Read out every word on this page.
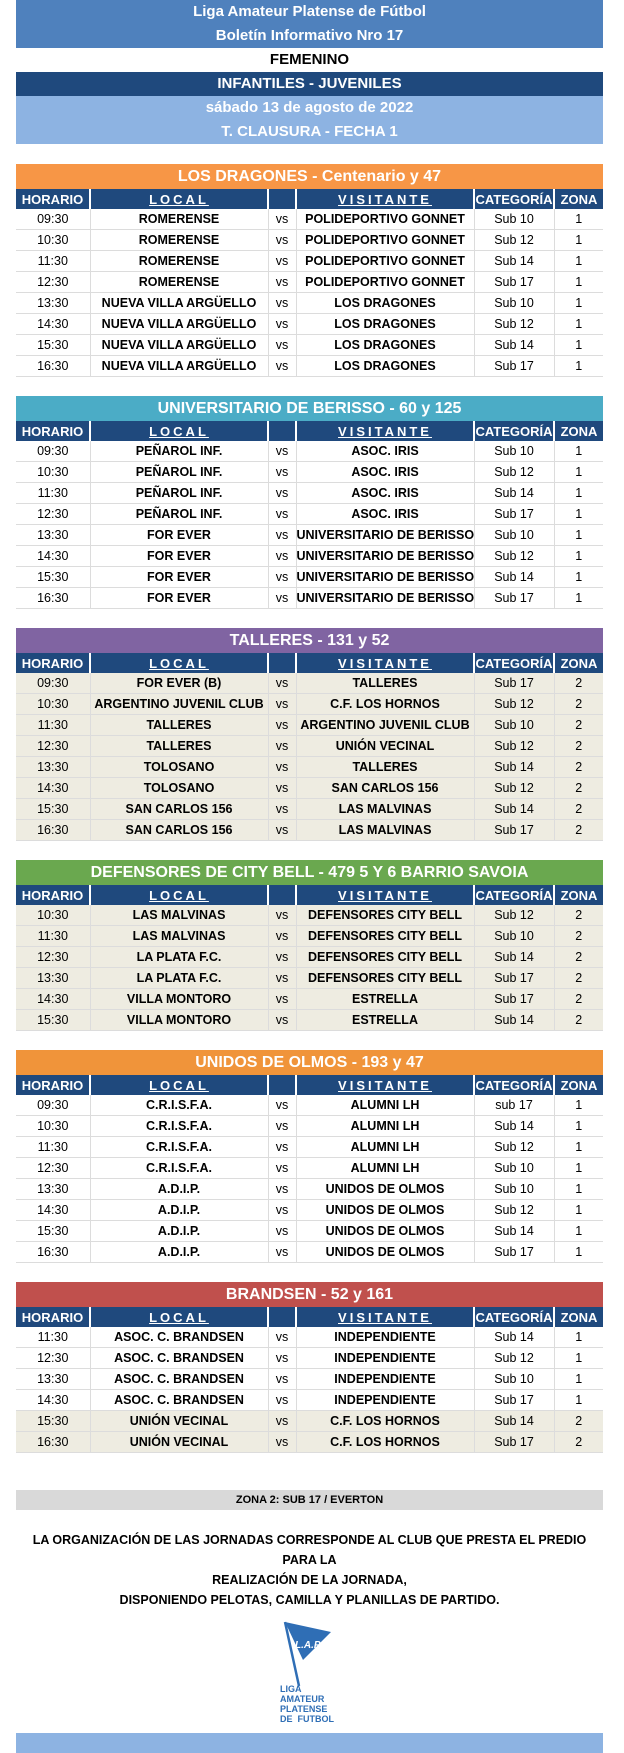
Liga Amateur Platense de Fútbol
Boletín Informativo Nro 17
FEMENINO
INFANTILES - JUVENILES
sábado 13 de agosto de 2022
T. CLAUSURA - FECHA 1
LOS DRAGONES - Centenario y 47
HORARIO	LOCAL		VISITANTE	CATEGORÍA	ZONA
09:30	ROMERENSE	vs	POLIDEPORTIVO GONNET	Sub 10	1
10:30	ROMERENSE	vs	POLIDEPORTIVO GONNET	Sub 12	1
11:30	ROMERENSE	vs	POLIDEPORTIVO GONNET	Sub 14	1
12:30	ROMERENSE	vs	POLIDEPORTIVO GONNET	Sub 17	1
13:30	NUEVA VILLA ARGÜELLO	vs	LOS DRAGONES	Sub 10	1
14:30	NUEVA VILLA ARGÜELLO	vs	LOS DRAGONES	Sub 12	1
15:30	NUEVA VILLA ARGÜELLO	vs	LOS DRAGONES	Sub 14	1
16:30	NUEVA VILLA ARGÜELLO	vs	LOS DRAGONES	Sub 17	1
UNIVERSITARIO DE BERISSO - 60 y 125
HORARIO	LOCAL		VISITANTE	CATEGORÍA	ZONA
09:30	PEÑAROL INF.	vs	ASOC. IRIS	Sub 10	1
10:30	PEÑAROL INF.	vs	ASOC. IRIS	Sub 12	1
11:30	PEÑAROL INF.	vs	ASOC. IRIS	Sub 14	1
12:30	PEÑAROL INF.	vs	ASOC. IRIS	Sub 17	1
13:30	FOR EVER	vs	UNIVERSITARIO DE BERISSO	Sub 10	1
14:30	FOR EVER	vs	UNIVERSITARIO DE BERISSO	Sub 12	1
15:30	FOR EVER	vs	UNIVERSITARIO DE BERISSO	Sub 14	1
16:30	FOR EVER	vs	UNIVERSITARIO DE BERISSO	Sub 17	1
TALLERES - 131 y 52
HORARIO	LOCAL		VISITANTE	CATEGORÍA	ZONA
09:30	FOR EVER (B)	vs	TALLERES	Sub 17	2
10:30	ARGENTINO JUVENIL CLUB	vs	C.F. LOS HORNOS	Sub 12	2
11:30	TALLERES	vs	ARGENTINO JUVENIL CLUB	Sub 10	2
12:30	TALLERES	vs	UNIÓN VECINAL	Sub 12	2
13:30	TOLOSANO	vs	TALLERES	Sub 14	2
14:30	TOLOSANO	vs	SAN CARLOS 156	Sub 12	2
15:30	SAN CARLOS 156	vs	LAS MALVINAS	Sub 14	2
16:30	SAN CARLOS 156	vs	LAS MALVINAS	Sub 17	2
DEFENSORES DE CITY BELL - 479 5 Y 6 BARRIO SAVOIA
HORARIO	LOCAL		VISITANTE	CATEGORÍA	ZONA
10:30	LAS MALVINAS	vs	DEFENSORES CITY BELL	Sub 12	2
11:30	LAS MALVINAS	vs	DEFENSORES CITY BELL	Sub 10	2
12:30	LA PLATA F.C.	vs	DEFENSORES CITY BELL	Sub 14	2
13:30	LA PLATA F.C.	vs	DEFENSORES CITY BELL	Sub 17	2
14:30	VILLA MONTORO	vs	ESTRELLA	Sub 17	2
15:30	VILLA MONTORO	vs	ESTRELLA	Sub 14	2
UNIDOS DE OLMOS - 193 y 47
HORARIO	LOCAL		VISITANTE	CATEGORÍA	ZONA
09:30	C.R.I.S.F.A.	vs	ALUMNI LH	sub 17	1
10:30	C.R.I.S.F.A.	vs	ALUMNI LH	Sub 14	1
11:30	C.R.I.S.F.A.	vs	ALUMNI LH	Sub 12	1
12:30	C.R.I.S.F.A.	vs	ALUMNI LH	Sub 10	1
13:30	A.D.I.P.	vs	UNIDOS DE OLMOS	Sub 10	1
14:30	A.D.I.P.	vs	UNIDOS DE OLMOS	Sub 12	1
15:30	A.D.I.P.	vs	UNIDOS DE OLMOS	Sub 14	1
16:30	A.D.I.P.	vs	UNIDOS DE OLMOS	Sub 17	1
BRANDSEN - 52 y 161
HORARIO	LOCAL		VISITANTE	CATEGORÍA	ZONA
11:30	ASOC. C. BRANDSEN	vs	INDEPENDIENTE	Sub 14	1
12:30	ASOC. C. BRANDSEN	vs	INDEPENDIENTE	Sub 12	1
13:30	ASOC. C. BRANDSEN	vs	INDEPENDIENTE	Sub 10	1
14:30	ASOC. C. BRANDSEN	vs	INDEPENDIENTE	Sub 17	1
15:30	UNIÓN VECINAL	vs	C.F. LOS HORNOS	Sub 14	2
16:30	UNIÓN VECINAL	vs	C.F. LOS HORNOS	Sub 17	2
ZONA 2: SUB 17 / EVERTON
LA ORGANIZACIÓN DE LAS JORNADAS CORRESPONDE AL CLUB QUE PRESTA EL PREDIO PARA LA
REALIZACIÓN DE LA JORNADA,
DISPONIENDO PELOTAS, CAMILLA Y PLANILLAS DE PARTIDO.
L.A.P.
LIGA
AMATEUR
PLATENSE
DE  FUTBOL
